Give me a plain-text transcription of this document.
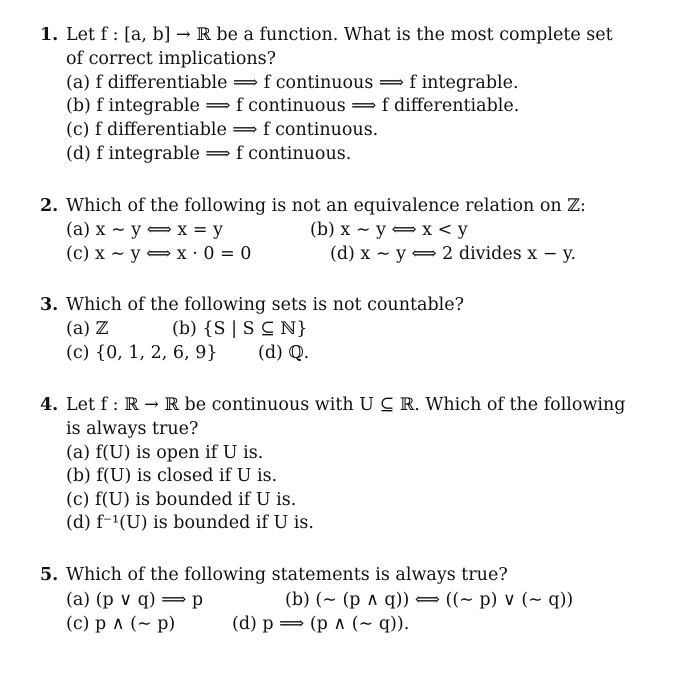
1. Let f : [a, b] → ℝ be a function. What is the most complete set
of correct implications?
(a) f differentiable ⟹ f continuous ⟹ f integrable.
(b) f integrable ⟹ f continuous ⟹ f differentiable.
(c) f differentiable ⟹ f continuous.
(d) f integrable ⟹ f continuous.
2. Which of the following is not an equivalence relation on ℤ:
(a) x ∼ y ⟺ x = y	(b) x ∼ y ⟺ x < y
(c) x ∼ y ⟺ x · 0 = 0	(d) x ∼ y ⟺ 2 divides x − y.
3. Which of the following sets is not countable?
(a) ℤ	(b) {S | S ⊆ ℕ}
(c) {0, 1, 2, 6, 9} (d) ℚ.
4. Let f : ℝ → ℝ be continuous with U ⊆ ℝ. Which of the following
is always true?
(a) f(U) is open if U is.
(b) f(U) is closed if U is.
(c) f(U) is bounded if U is.
(d) f⁻¹(U) is bounded if U is.
5. Which of the following statements is always true?
(a) (p ∨ q) ⟹ p	(b) (∼ (p ∧ q)) ⟺ ((∼ p) ∨ (∼ q))
(c) p ∧ (∼ p)	(d) p ⟹ (p ∧ (∼ q)).
